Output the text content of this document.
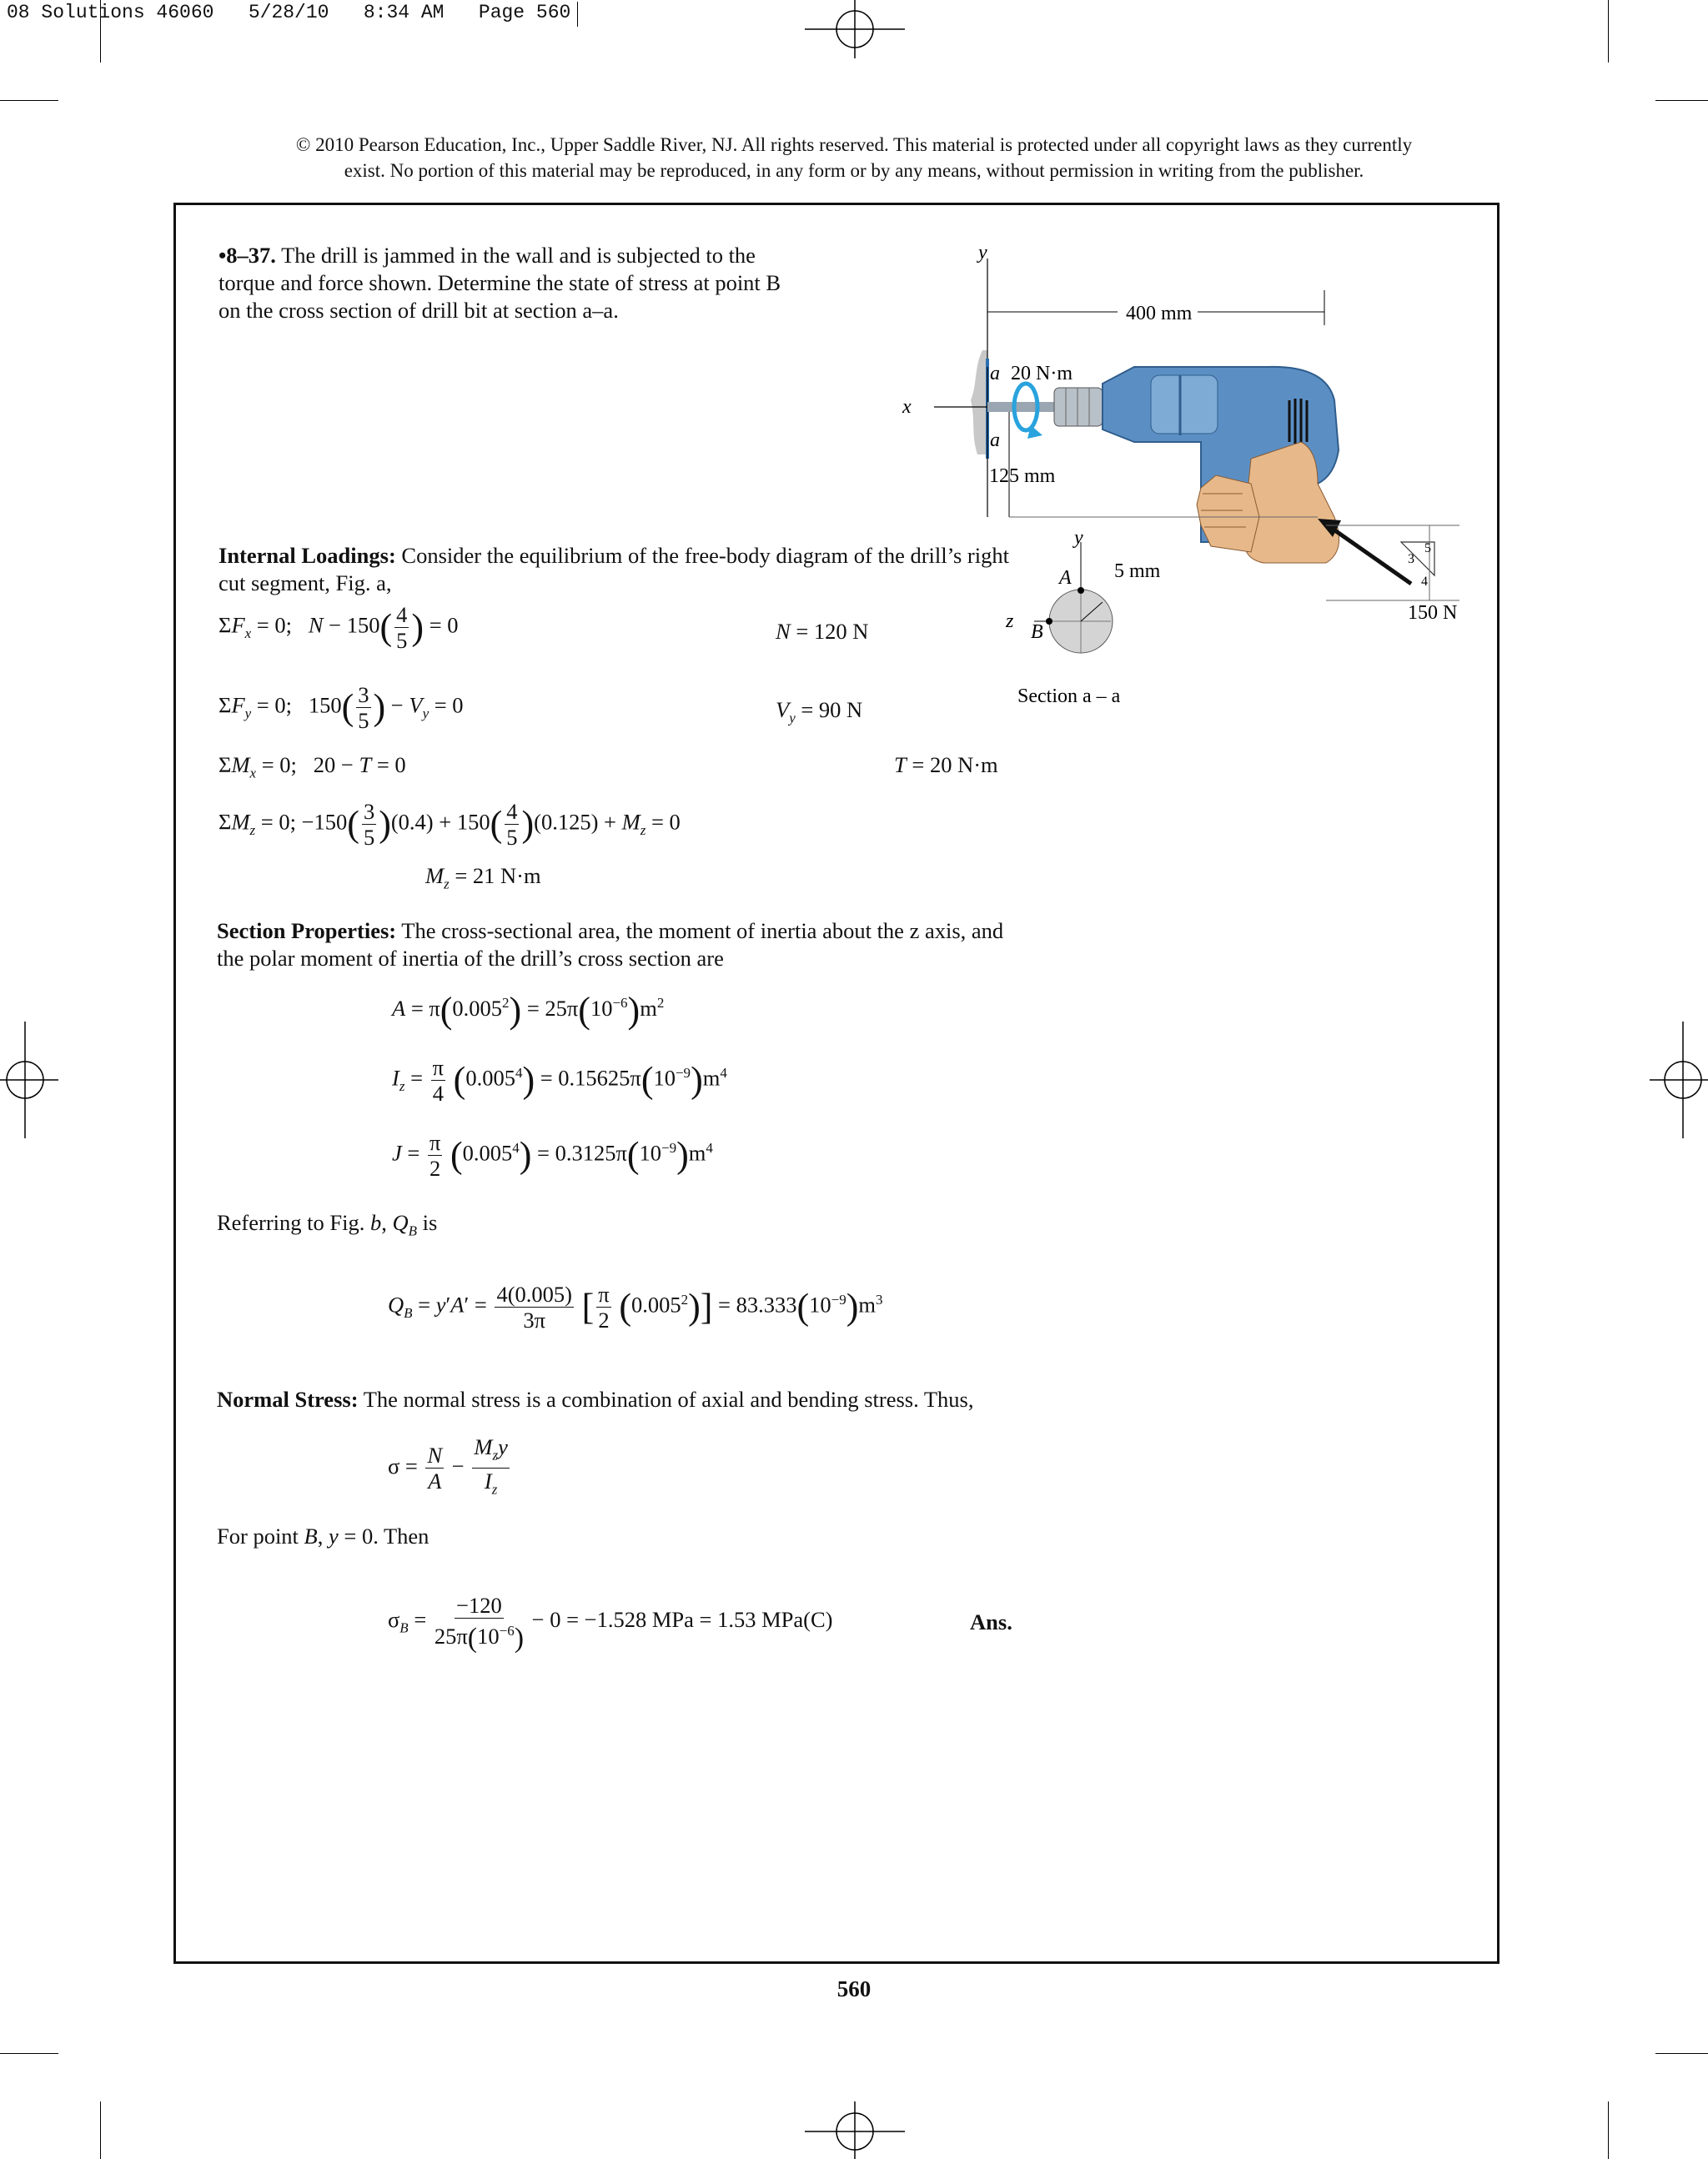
08 Solutions 46060   5/28/10   8:34 AM   Page 560
© 2010 Pearson Education, Inc., Upper Saddle River, NJ. All rights reserved. This material is protected under all copyright laws as they currently
exist. No portion of this material may be reproduced, in any form or by any means, without permission in writing from the publisher.
•8–37. The drill is jammed in the wall and is subjected to the torque and force shown. Determine the state of stress at point B on the cross section of drill bit at section a–a.
y
400 mm
a 20 N·m
x
a
125 mm
y
A 5 mm
z B
Section a – a
150 N
3
4
5
Internal Loadings: Consider the equilibrium of the free-body diagram of the drill’s right cut segment, Fig. a,
$\Sigma F_x = 0$;   $N - 150( \frac{4}{5}$ ) = 0	N = 120 N
$\Sigma F_y = 0$;   $150( \frac{3}{5}$ ) − $V_y = 0$	$V_y = 90$ N
$\Sigma M_x = 0$;   20 − T = 0	T = 20 N·m
$\Sigma M_z = 0$; $-150( \frac{3}{5} )(0.4) + 150( \frac{4}{5} )(0.125) + M_z = 0$
$M_z = 21$ N·m
Section Properties: The cross-sectional area, the moment of inertia about the z axis, and the polar moment of inertia of the drill’s cross section are
$A = \pi(0.005^2) = 25\pi(10^{-6})m^2$
$I_z = \frac{\pi}{4} (0.005^4) = 0.15625\pi(10^{-9})m^4$
$J = \frac{\pi}{2} (0.005^4) = 0.3125\pi(10^{-9})m^4$
Referring to Fig. b, $Q_B$ is
$Q_B = y'A' = \frac{4(0.005)}{3\pi}$ [ $\frac{\pi}{2} (0.005^2)] = 83.333(10^{-9})m^3$
Normal Stress: The normal stress is a combination of axial and bending stress. Thus,
$\sigma = \frac{N}{A} - \frac{M_zy}{I_z}$
For point B, y = 0. Then
$\sigma_B = \frac{-120}{25\pi(10^{-6})} - 0 = -1.528$ MPa = 1.53 MPa(C)	Ans.
560
